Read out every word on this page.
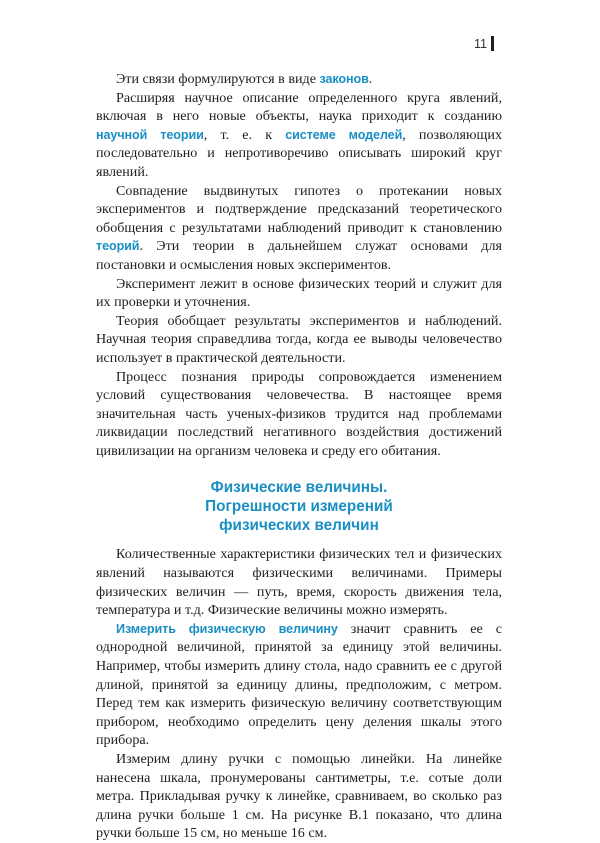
11

Эти связи формулируются в виде законов.

Расширяя научное описание определенного круга явлений, включая в него новые объекты, наука приходит к созданию научной теории, т. е. к системе моделей, позволяющих последовательно и непротиворечиво описывать широкий круг явлений.

Совпадение выдвинутых гипотез о протекании новых экспериментов и подтверждение предсказаний теоретического обобщения с результатами наблюдений приводит к становлению теорий. Эти теории в дальнейшем служат основами для постановки и осмысления новых экспериментов.

Эксперимент лежит в основе физических теорий и служит для их проверки и уточнения.

Теория обобщает результаты экспериментов и наблюдений. Научная теория справедлива тогда, когда ее выводы человечество использует в практической деятельности.

Процесс познания природы сопровождается изменением условий существования человечества. В настоящее время значительная часть ученых-физиков трудится над проблемами ликвидации последствий негативного воздействия достижений цивилизации на организм человека и среду его обитания.

Физические величины.
Погрешности измерений
физических величин

Количественные характеристики физических тел и физических явлений называются физическими величинами. Примеры физических величин — путь, время, скорость движения тела, температура и т.д. Физические величины можно измерять.

Измерить физическую величину значит сравнить ее с однородной величиной, принятой за единицу этой величины. Например, чтобы измерить длину стола, надо сравнить ее с другой длиной, принятой за единицу длины, предположим, с метром. Перед тем как измерить физическую величину соответствующим прибором, необходимо определить цену деления шкалы этого прибора.

Измерим длину ручки с помощью линейки. На линейке нанесена шкала, пронумерованы сантиметры, т.е. сотые доли метра. Прикладывая ручку к линейке, сравниваем, во сколько раз длина ручки больше 1 см. На рисунке В.1 показано, что длина ручки больше 15 см, но меньше 16 см.
